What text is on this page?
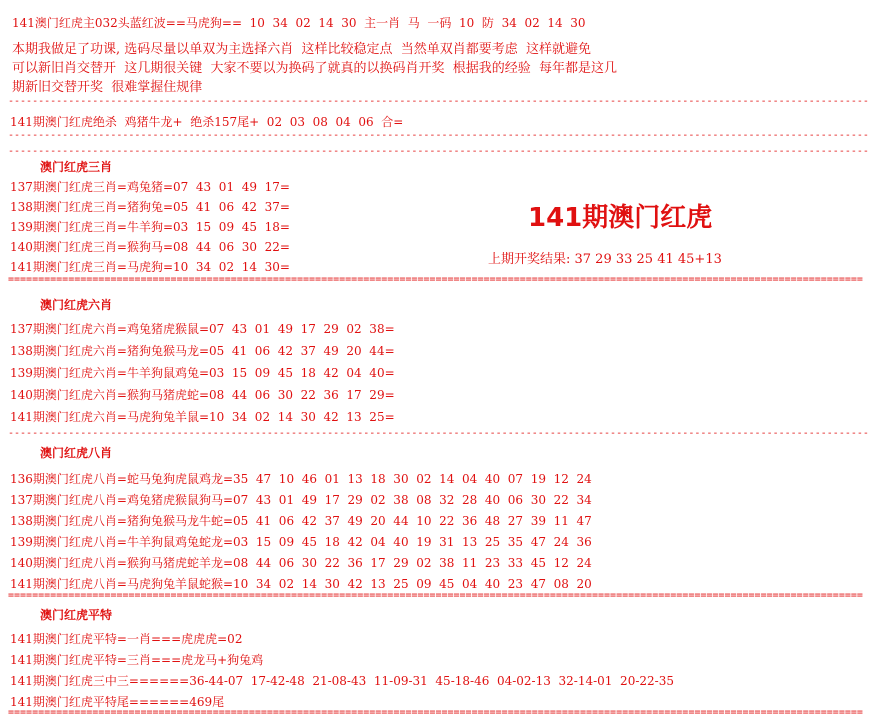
141澳门红虎主032头蓝红波==马虎狗==  10  34  02  14  30  主一肖  马  一码  10  防  34  02  14  30
本期我做足了功课, 选码尽量以单双为主选择六肖  这样比较稳定点  当然单双肖都要考虑  这样就避免
可以新旧肖交替开  这几期很关键  大家不要以为换码了就真的以换码肖开奖  根据我的经验  每年都是这几
期新旧交替开奖  很难掌握住规律
-----------------------------------------------------------------------------------------------------------------------------------------------
141期澳门红虎绝杀  鸡猪牛龙+  绝杀157尾+  02  03  08  04  06  合=
-----------------------------------------------------------------------------------------------------------------------------------------------
-----------------------------------------------------------------------------------------------------------------------------------------------
澳门红虎三肖
137期澳门红虎三肖=鸡兔猪=07  43  01  49  17=
138期澳门红虎三肖=猪狗兔=05  41  06  42  37=
139期澳门红虎三肖=牛羊狗=03  15  09  45  18=
140期澳门红虎三肖=猴狗马=08  44  06  30  22=
141期澳门红虎三肖=马虎狗=10  34  02  14  30=
==============================================================================================================================================
141期澳门红虎
上期开奖结果: 37 29 33 25 41 45+13
澳门红虎六肖
137期澳门红虎六肖=鸡兔猪虎猴鼠=07  43  01  49  17  29  02  38=
138期澳门红虎六肖=猪狗兔猴马龙=05  41  06  42  37  49  20  44=
139期澳门红虎六肖=牛羊狗鼠鸡兔=03  15  09  45  18  42  04  40=
140期澳门红虎六肖=猴狗马猪虎蛇=08  44  06  30  22  36  17  29=
141期澳门红虎六肖=马虎狗兔羊鼠=10  34  02  14  30  42  13  25=
-----------------------------------------------------------------------------------------------------------------------------------------------
澳门红虎八肖
136期澳门红虎八肖=蛇马兔狗虎鼠鸡龙=35  47  10  46  01  13  18  30  02  14  04  40  07  19  12  24
137期澳门红虎八肖=鸡兔猪虎猴鼠狗马=07  43  01  49  17  29  02  38  08  32  28  40  06  30  22  34
138期澳门红虎八肖=猪狗兔猴马龙牛蛇=05  41  06  42  37  49  20  44  10  22  36  48  27  39  11  47
139期澳门红虎八肖=牛羊狗鼠鸡兔蛇龙=03  15  09  45  18  42  04  40  19  31  13  25  35  47  24  36
140期澳门红虎八肖=猴狗马猪虎蛇羊龙=08  44  06  30  22  36  17  29  02  38  11  23  33  45  12  24
141期澳门红虎八肖=马虎狗兔羊鼠蛇猴=10  34  02  14  30  42  13  25  09  45  04  40  23  47  08  20
==============================================================================================================================================
澳门红虎平特
141期澳门红虎平特=一肖===虎虎虎=02
141期澳门红虎平特=三肖===虎龙马+狗兔鸡
141期澳门红虎三中三======36-44-07  17-42-48  21-08-43  11-09-31  45-18-46  04-02-13  32-14-01  20-22-35
141期澳门红虎平特尾======469尾
==============================================================================================================================================
